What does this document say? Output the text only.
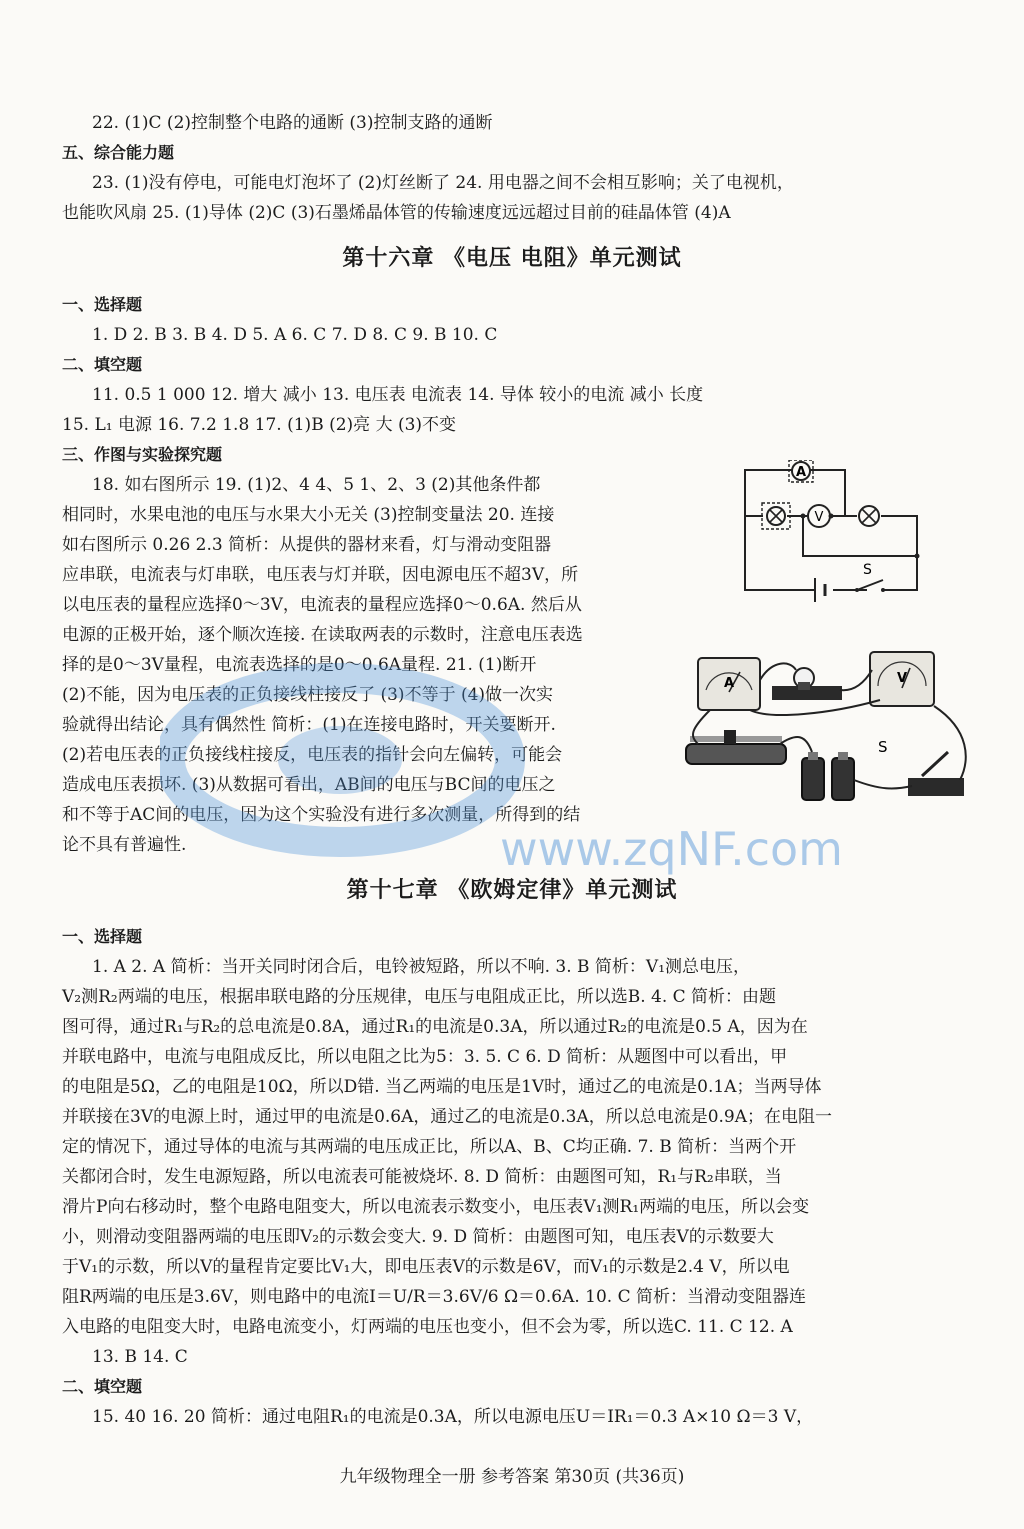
22. (1)C (2)控制整个电路的通断 (3)控制支路的通断
五、综合能力题
23. (1)没有停电，可能电灯泡坏了 (2)灯丝断了 24. 用电器之间不会相互影响；关了电视机，
也能吹风扇 25. (1)导体 (2)C (3)石墨烯晶体管的传输速度远远超过目前的硅晶体管 (4)A
第十六章 《电压 电阻》单元测试
一、选择题
1. D 2. B 3. B 4. D 5. A 6. C 7. D 8. C 9. B 10. C
二、填空题
11. 0.5 1 000 12. 增大 减小 13. 电压表 电流表 14. 导体 较小的电流 减小 长度
15. L₁ 电源 16. 7.2 1.8 17. (1)B (2)亮 大 (3)不变
三、作图与实验探究题
18. 如右图所示 19. (1)2、4 4、5 1、2、3 (2)其他条件都
相同时，水果电池的电压与水果大小无关 (3)控制变量法 20. 连接
如右图所示 0.26 2.3 简析：从提供的器材来看，灯与滑动变阻器
应串联，电流表与灯串联，电压表与灯并联，因电源电压不超3V，所
以电压表的量程应选择0～3V，电流表的量程应选择0～0.6A. 然后从
电源的正极开始，逐个顺次连接. 在读取两表的示数时，注意电压表选
择的是0～3V量程，电流表选择的是0～0.6A量程. 21. (1)断开
(2)不能，因为电压表的正负接线柱接反了 (3)不等于 (4)做一次实
验就得出结论，具有偶然性 简析：(1)在连接电路时，开关要断开.
(2)若电压表的正负接线柱接反，电压表的指针会向左偏转，可能会
造成电压表损坏. (3)从数据可看出，AB间的电压与BC间的电压之
和不等于AC间的电压，因为这个实验没有进行多次测量，所得到的结
论不具有普遍性.
第十七章 《欧姆定律》单元测试
一、选择题
1. A 2. A 简析：当开关同时闭合后，电铃被短路，所以不响. 3. B 简析：V₁测总电压，
V₂测R₂两端的电压，根据串联电路的分压规律，电压与电阻成正比，所以选B. 4. C 简析：由题
图可得，通过R₁与R₂的总电流是0.8A，通过R₁的电流是0.3A，所以通过R₂的电流是0.5 A，因为在
并联电路中，电流与电阻成反比，所以电阻之比为5：3. 5. C 6. D 简析：从题图中可以看出，甲
的电阻是5Ω，乙的电阻是10Ω，所以D错. 当乙两端的电压是1V时，通过乙的电流是0.1A；当两导体
并联接在3V的电源上时，通过甲的电流是0.6A，通过乙的电流是0.3A，所以总电流是0.9A；在电阻一
定的情况下，通过导体的电流与其两端的电压成正比，所以A、B、C均正确. 7. B 简析：当两个开
关都闭合时，发生电源短路，所以电流表可能被烧坏. 8. D 简析：由题图可知，R₁与R₂串联，当
滑片P向右移动时，整个电路电阻变大，所以电流表示数变小，电压表V₁测R₁两端的电压，所以会变
小，则滑动变阻器两端的电压即V₂的示数会变大. 9. D 简析：由题图可知，电压表V的示数要大
于V₁的示数，所以V的量程肯定要比V₁大，即电压表V的示数是6V，而V₁的示数是2.4 V，所以电
阻R两端的电压是3.6V，则电路中的电流I＝U/R＝3.6V/6 Ω＝0.6A. 10. C 简析：当滑动变阻器连
入电路的电阻变大时，电路电流变小，灯两端的电压也变小，但不会为零，所以选C. 11. C 12. A
13. B 14. C
二、填空题
15. 40 16. 20 简析：通过电阻R₁的电流是0.3A，所以电源电压U＝IR₁＝0.3 A×10 Ω＝3 V，
A
V
S
A	V
S
www.zqNF.com
九年级物理全一册 参考答案 第30页 (共36页)
